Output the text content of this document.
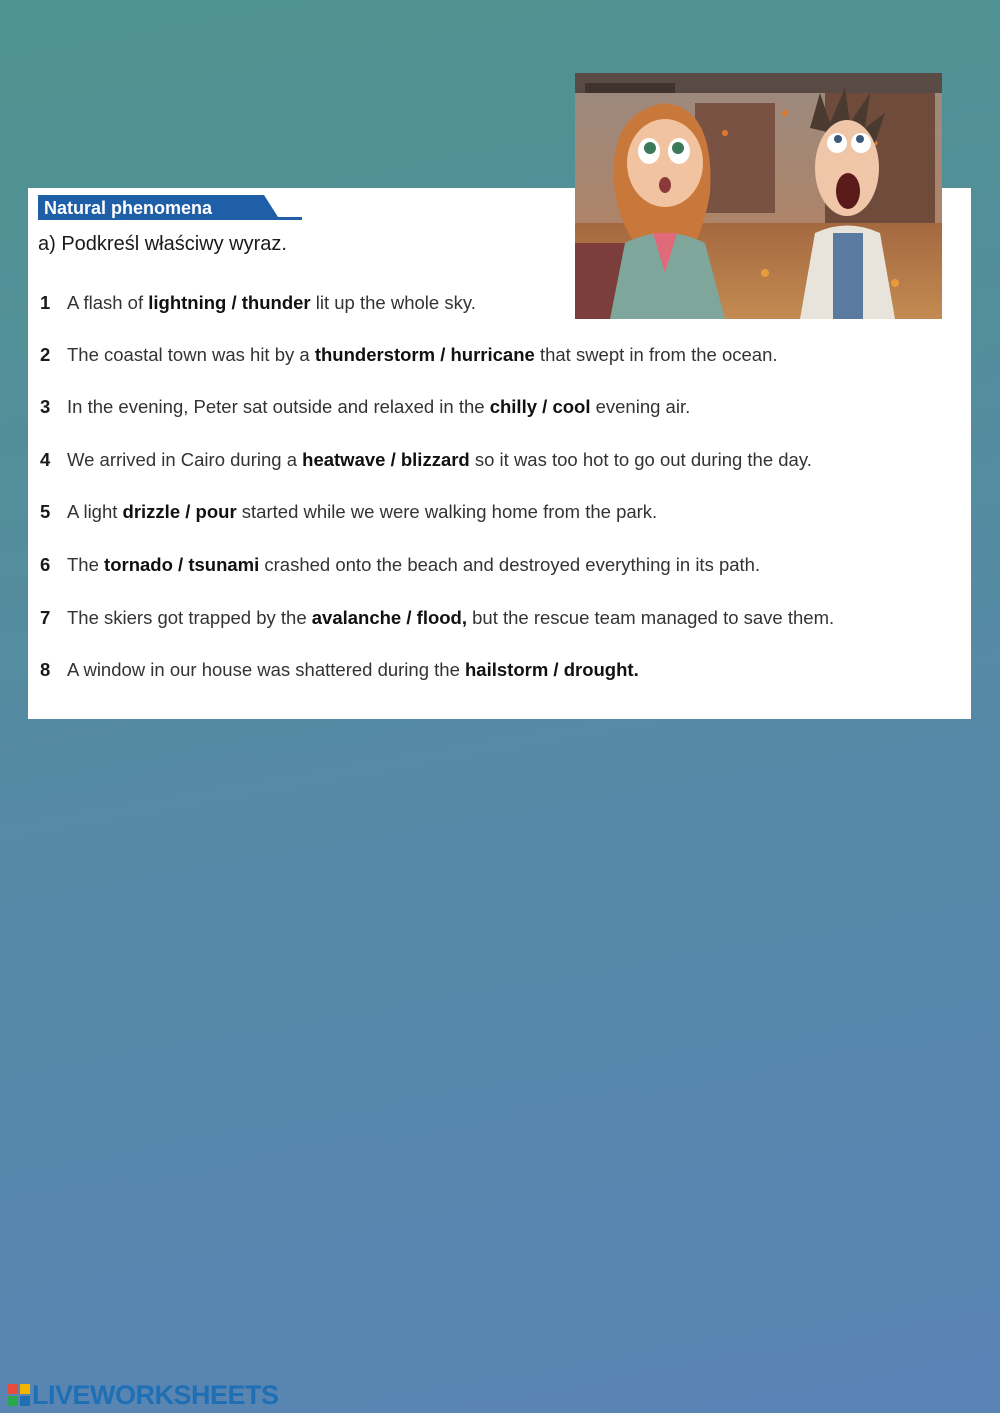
Natural phenomena
a) Podkreśl właściwy wyraz.
1 A flash of lightning / thunder lit up the whole sky.
2 The coastal town was hit by a thunderstorm / hurricane that swept in from the ocean.
3 In the evening, Peter sat outside and relaxed in the chilly / cool evening air.
4 We arrived in Cairo during a heatwave / blizzard so it was too hot to go out during the day.
5 A light drizzle / pour started while we were walking home from the park.
6 The tornado / tsunami crashed onto the beach and destroyed everything in its path.
7 The skiers got trapped by the avalanche / flood, but the rescue team managed to save them.
8 A window in our house was shattered during the hailstorm / drought.
LIVEWORKSHEETS
